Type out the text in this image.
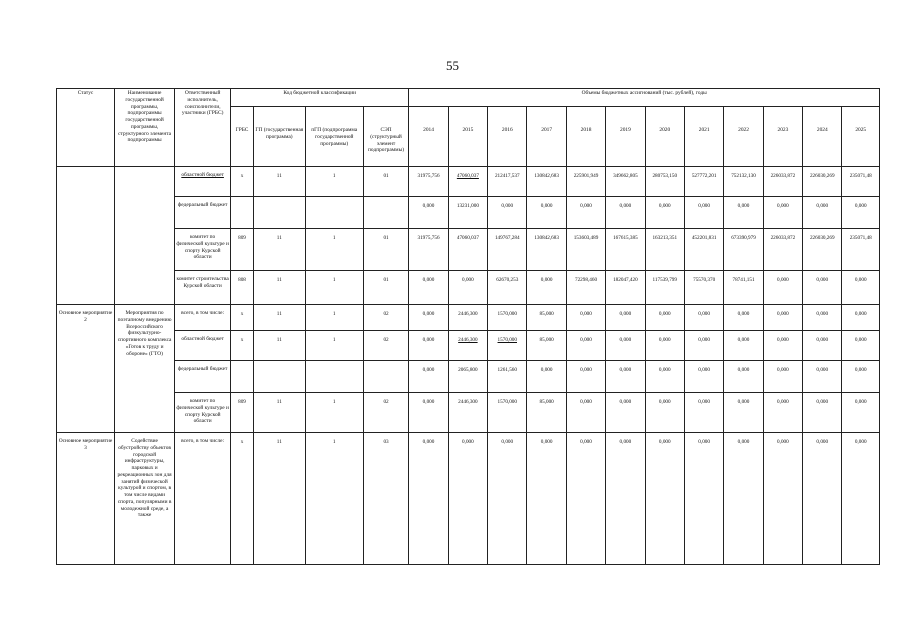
55
Статус	Наименование государственной программы, подпрограммы государственной программы, структурного элемента подпрограммы	Ответственный исполнитель, соисполнители, участники (ГРБС)	Код бюджетной классификации				Объемы бюджетных ассигнований (тыс. рублей), годы											
			ГРБС	ГП (государственная программа)	пГП (подпрограмма государственной программы)	СЭП (структурный элемент подпрограммы)	2014	2015	2016	2017	2018	2019	2020	2021	2022	2023	2024	2025
		областной бюджет	х	11	1	01	31975,756	47060,037	212417,537	130842,683	225901,949	349662,805	280753,150	527772,201	752132,130	226033,872	226030,269	235071,48
		федеральный бюджет					0,000	13231,000	0,000	0,000	0,000	0,000	0,000	0,000	0,000	0,000	0,000	0,000
		комитет по физической культуре и спорту Курской области	809	11	1	01	31975,756	47060,037	149767,284	130842,683	153603,489	167615,385	163213,351	452201,831	673390,979	226033,872	226030,269	235071,48
		комитет строительства Курской области	808	11	1	01	0,000	0,000	62670,253	0,000	72298,460	182047,420	117539,799	75570,370	78741,151	0,000	0,000	0,000
Основное мероприятие 2	Мероприятия по поэтапному внедрению Всероссийского физкультурно-спортивного комплекса «Готов к труду и обороне» (ГТО)	всего, в том числе:	х	11	1	02	0,000	2446,300	1570,000	85,000	0,000	0,000	0,000	0,000	0,000	0,000	0,000	0,000
		областной бюджет	х	11	1	02	0,000	2446,300	1570,000	85,000	0,000	0,000	0,000	0,000	0,000	0,000	0,000	0,000
		федеральный бюджет					0,000	2065,800	1261,560	0,000	0,000	0,000	0,000	0,000	0,000	0,000	0,000	0,000
		комитет по физической культуре и спорту Курской области	809	11	1	02	0,000	2446,300	1570,000	85,000	0,000	0,000	0,000	0,000	0,000	0,000	0,000	0,000
Основное мероприятие 3	Содействие обустройству объектов городской инфраструктуры, парковых и рекреационных зон для занятий физической культурой и спортом, в том числе видами спорта, популярными в молодежной среде, а также	всего, в том числе:	х	11	1	03	0,000	0,000	0,000	0,000	0,000	0,000	0,000	0,000	0,000	0,000	0,000	0,000
